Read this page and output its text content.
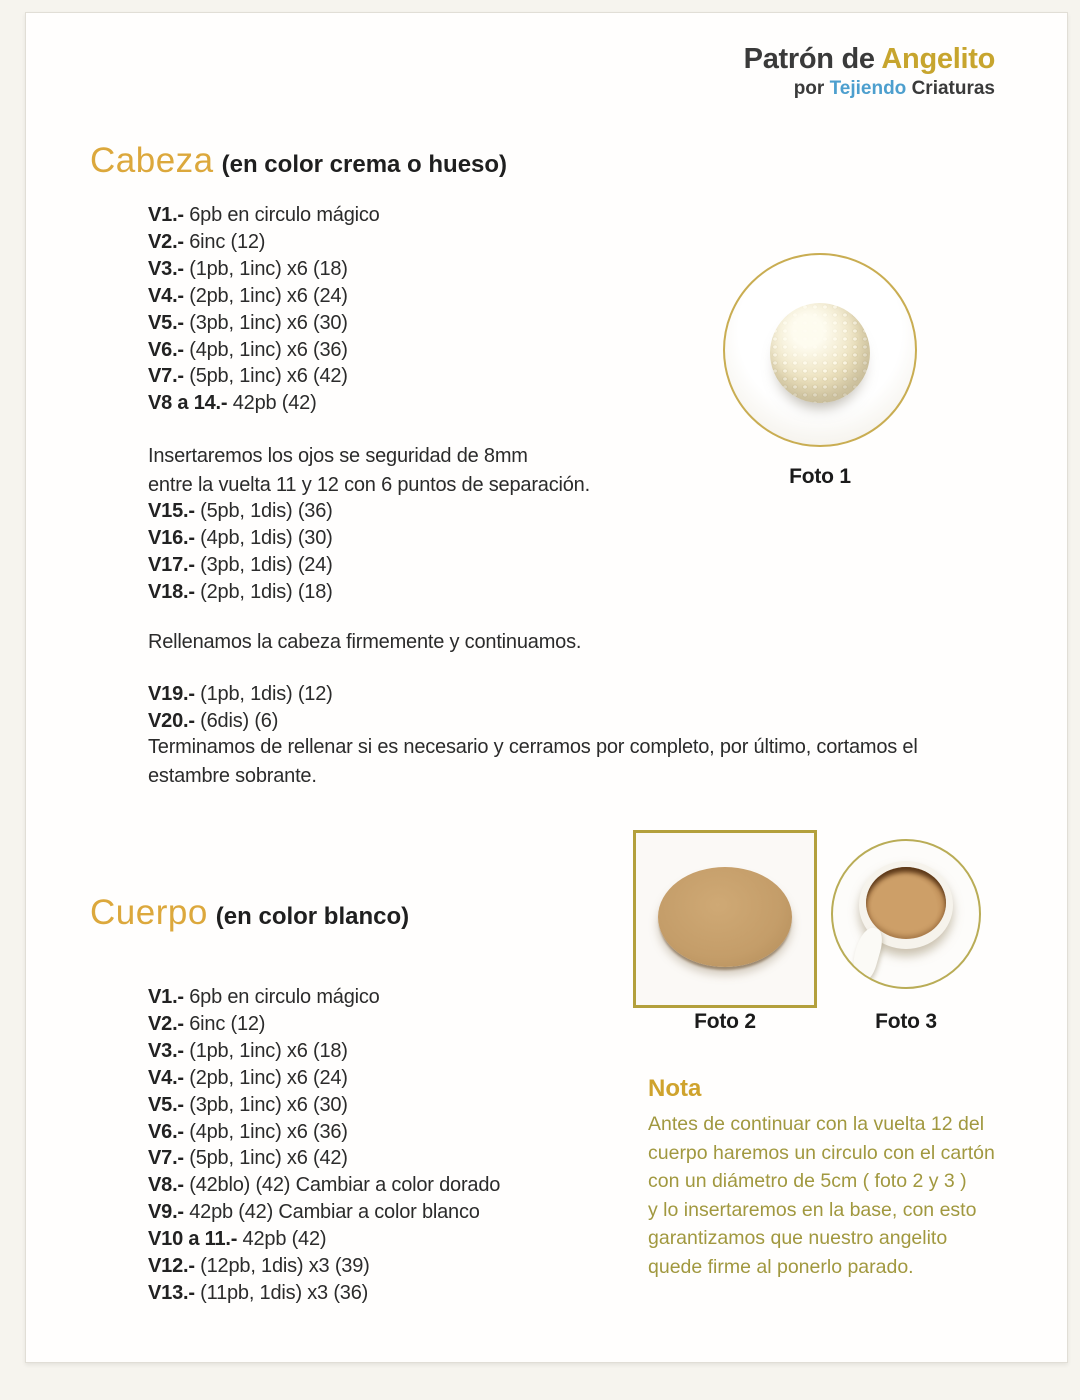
Patrón de Angelito
por Tejiendo Criaturas
Cabeza (en color crema o hueso)
V1.- 6pb en circulo mágico
V2.- 6inc (12)
V3.- (1pb, 1inc) x6 (18)
V4.- (2pb, 1inc) x6 (24)
V5.- (3pb, 1inc) x6 (30)
V6.- (4pb, 1inc) x6 (36)
V7.- (5pb, 1inc) x6 (42)
V8 a 14.- 42pb (42)
Insertaremos los ojos se seguridad de 8mm
entre la vuelta 11 y 12 con 6 puntos de separación.
V15.- (5pb, 1dis) (36)
V16.- (4pb, 1dis) (30)
V17.- (3pb, 1dis) (24)
V18.- (2pb, 1dis) (18)
Rellenamos la cabeza firmemente y continuamos.
V19.- (1pb, 1dis) (12)
V20.- (6dis) (6)
Terminamos de rellenar si es necesario y cerramos por completo, por último, cortamos el
estambre sobrante.
Foto 1
Cuerpo (en color blanco)
V1.- 6pb en circulo mágico
V2.- 6inc (12)
V3.- (1pb, 1inc) x6 (18)
V4.- (2pb, 1inc) x6 (24)
V5.- (3pb, 1inc) x6 (30)
V6.- (4pb, 1inc) x6 (36)
V7.- (5pb, 1inc) x6 (42)
V8.- (42blo) (42) Cambiar a color dorado
V9.- 42pb (42) Cambiar a color blanco
V10 a 11.- 42pb (42)
V12.- (12pb, 1dis) x3 (39)
V13.- (11pb, 1dis) x3 (36)
Foto 2	Foto 3
Nota
Antes de continuar con la vuelta 12 del
cuerpo haremos un circulo con el cartón
con un diámetro de 5cm ( foto 2 y 3 )
y lo insertaremos en la base, con esto
garantizamos que nuestro angelito
quede firme al ponerlo parado.
